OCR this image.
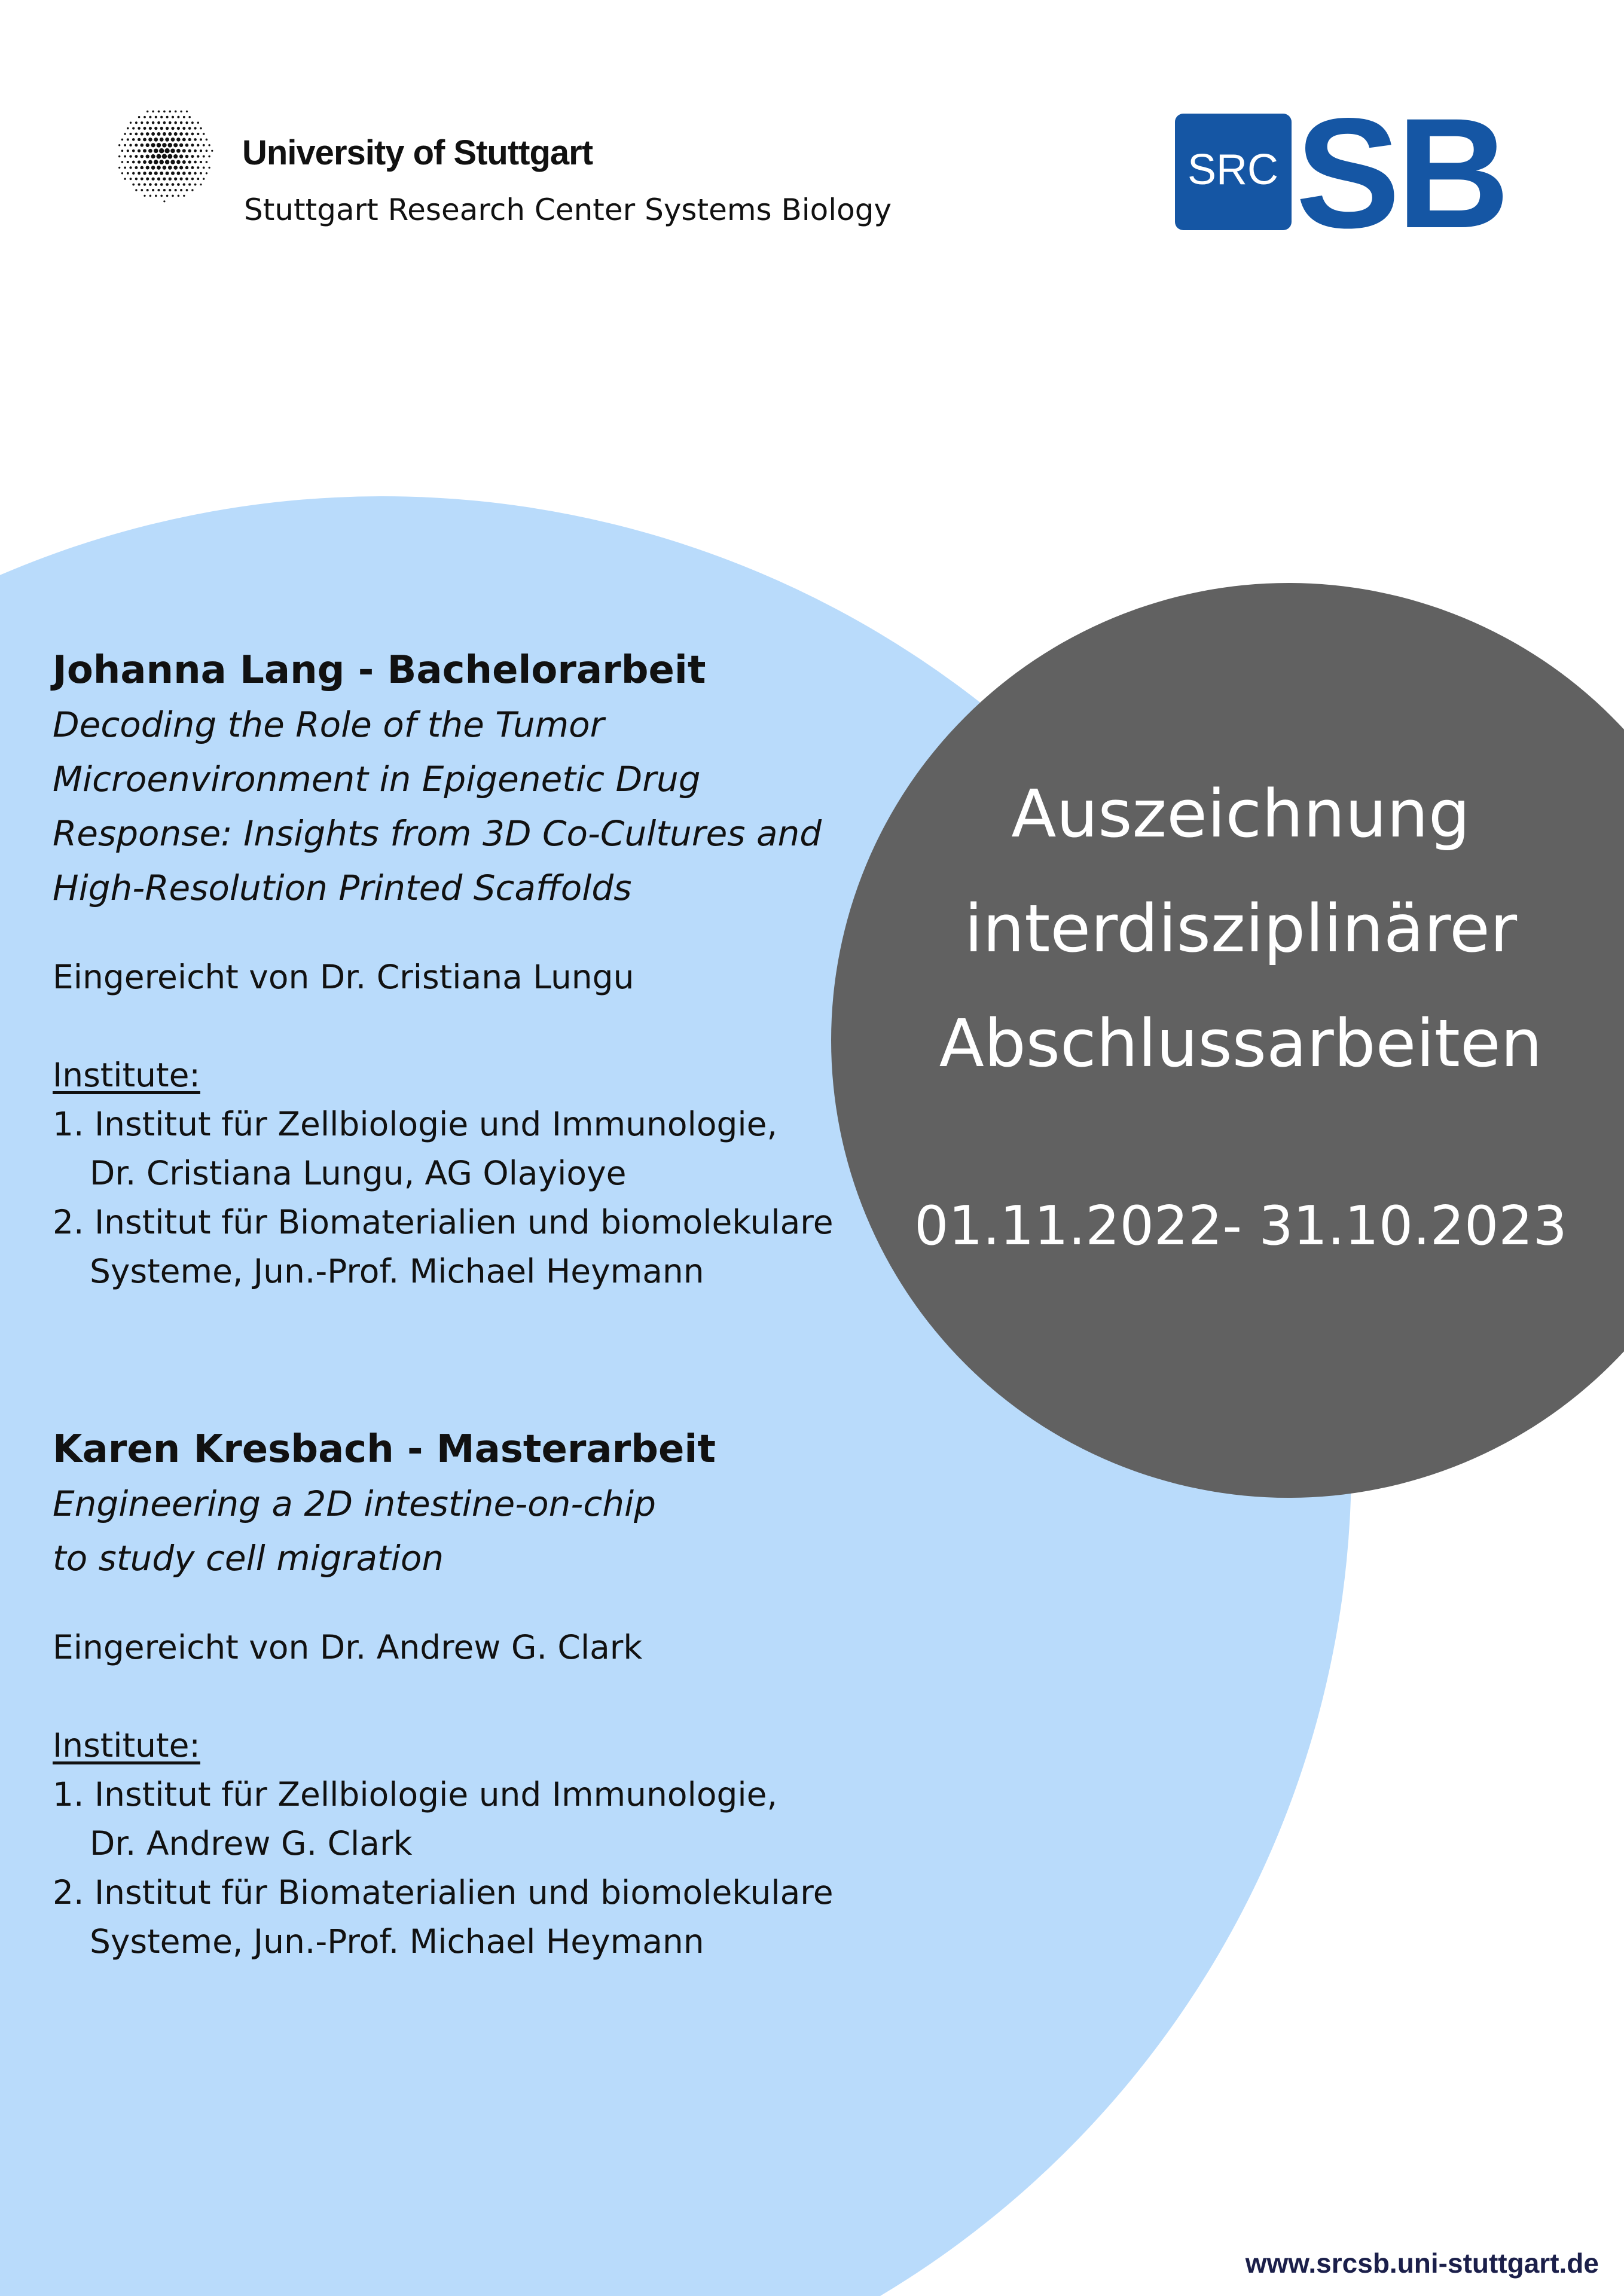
University of Stuttgart
Stuttgart Research Center Systems Biology
SRC SB
Auszeichnung
interdisziplinärer
Abschlussarbeiten
01.11.2022- 31.10.2023
Johanna Lang - Bachelorarbeit
Decoding the Role of the Tumor
Microenvironment in Epigenetic Drug
Response: Insights from 3D Co-Cultures and
High-Resolution Printed Scaffolds
Eingereicht von Dr. Cristiana Lungu
Institute:
1. Institut für Zellbiologie und Immunologie,
Dr. Cristiana Lungu, AG Olayioye
2. Institut für Biomaterialien und biomolekulare
Systeme, Jun.-Prof. Michael Heymann
Karen Kresbach - Masterarbeit
Engineering a 2D intestine-on-chip
to study cell migration
Eingereicht von Dr. Andrew G. Clark
Institute:
1. Institut für Zellbiologie und Immunologie,
Dr. Andrew G. Clark
2. Institut für Biomaterialien und biomolekulare
Systeme, Jun.-Prof. Michael Heymann
www.srcsb.uni-stuttgart.de
